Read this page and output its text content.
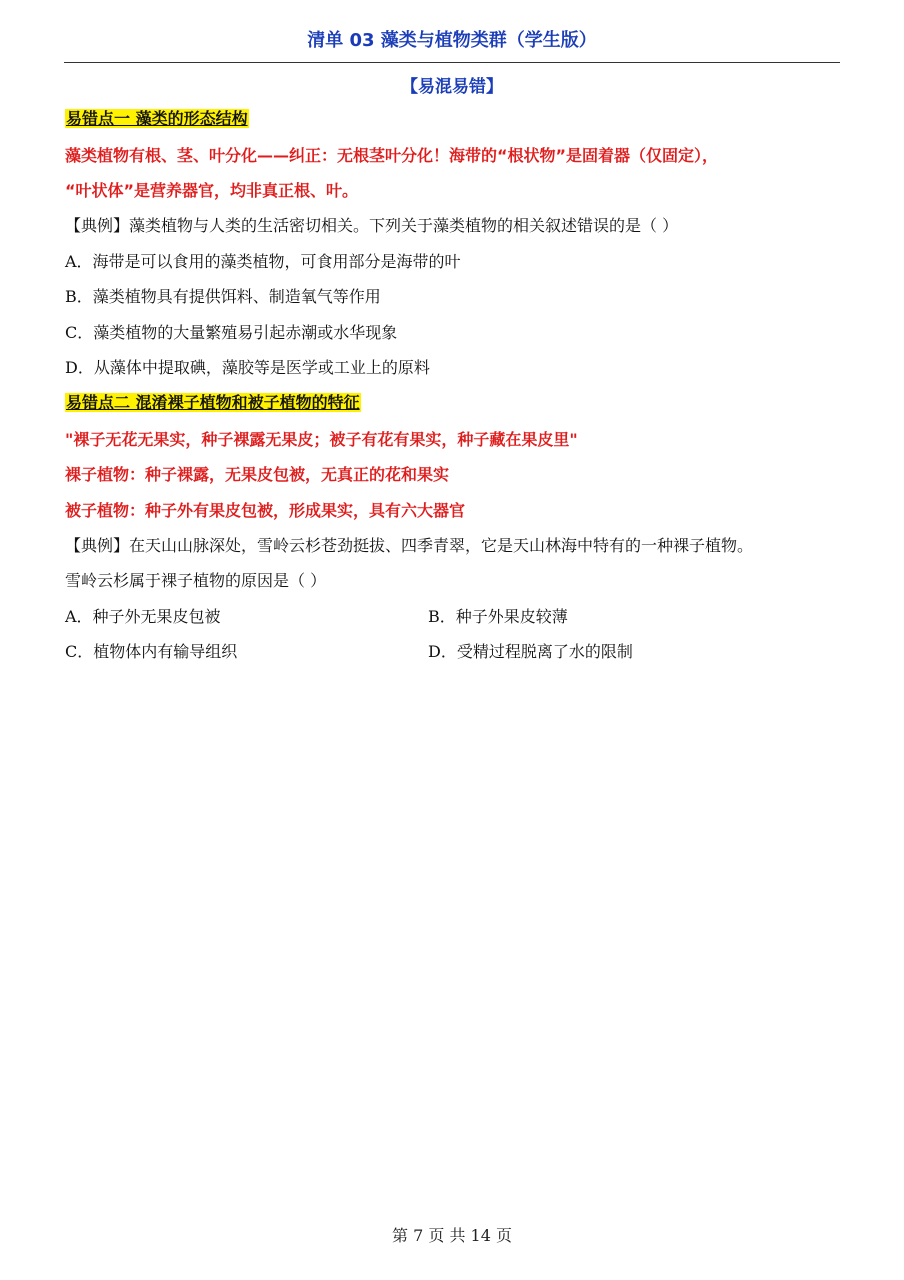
清单 03 藻类与植物类群（学生版）
【易混易错】
易错点一 藻类的形态结构
藻类植物有根、茎、叶分化——纠正：无根茎叶分化！海带的“根状物”是固着器（仅固定），
“叶状体”是营养器官，均非真正根、叶。
【典例】藻类植物与人类的生活密切相关。下列关于藻类植物的相关叙述错误的是（ ）
A．海带是可以食用的藻类植物，可食用部分是海带的叶
B．藻类植物具有提供饵料、制造氧气等作用
C．藻类植物的大量繁殖易引起赤潮或水华现象
D．从藻体中提取碘，藻胶等是医学或工业上的原料
易错点二 混淆裸子植物和被子植物的特征
"裸子无花无果实，种子裸露无果皮；被子有花有果实，种子藏在果皮里"
裸子植物：种子裸露，无果皮包被，无真正的花和果实
被子植物：种子外有果皮包被，形成果实，具有六大器官
【典例】在天山山脉深处，雪岭云杉苍劲挺拔、四季青翠，它是天山林海中特有的一种裸子植物。
雪岭云杉属于裸子植物的原因是（ ）
A．种子外无果皮包被	B．种子外果皮较薄
C．植物体内有输导组织	D．受精过程脱离了水的限制
第 7 页 共 14 页
